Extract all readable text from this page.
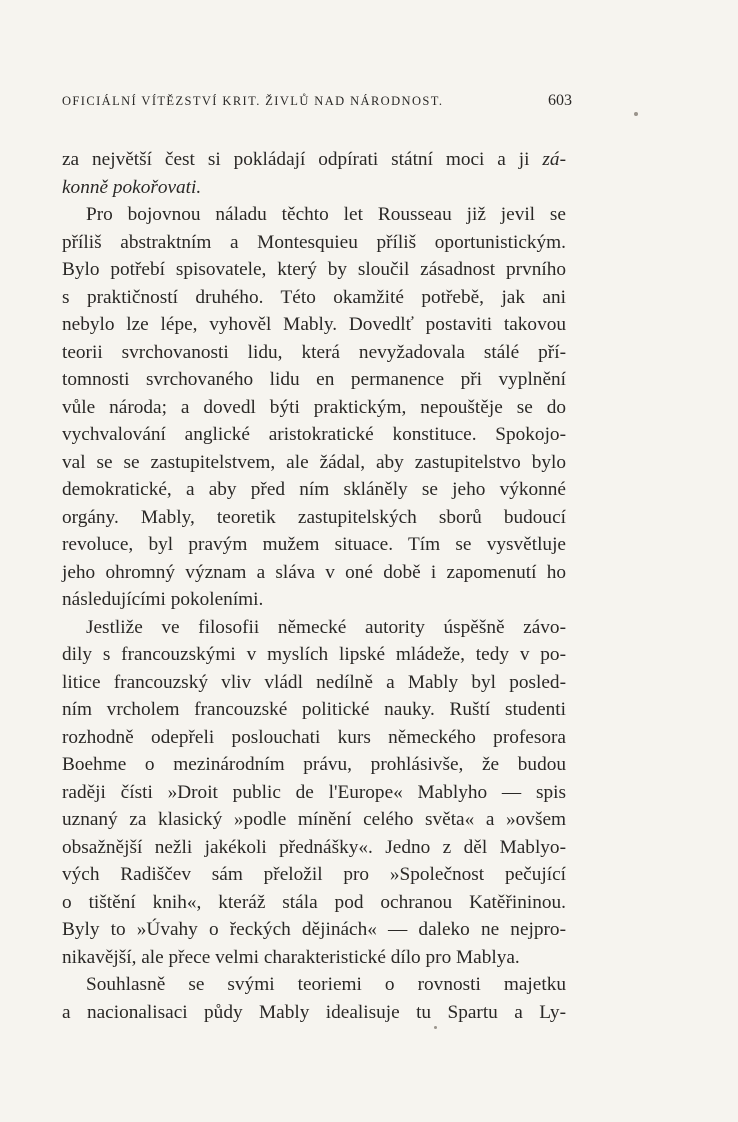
OFICIÁLNÍ VÍTĚZSTVÍ KRIT. ŽIVLŮ NAD NÁRODNOST.	603
za největší čest si pokládají odpírati státní moci a ji zá-
konně pokořovati.
Pro bojovnou náladu těchto let Rousseau již jevil se
příliš abstraktním a Montesquieu příliš oportunistickým.
Bylo potřebí spisovatele, který by sloučil zásadnost prvního
s praktičností druhého. Této okamžité potřebě, jak ani
nebylo lze lépe, vyhověl Mably. Dovedlť postaviti takovou
teorii svrchovanosti lidu, která nevyžadovala stálé pří-
tomnosti svrchovaného lidu en permanence při vyplnění
vůle národa; a dovedl býti praktickým, nepouštěje se do
vychvalování anglické aristokratické konstituce. Spokojo-
val se se zastupitelstvem, ale žádal, aby zastupitelstvo bylo
demokratické, a aby před ním skláněly se jeho výkonné
orgány. Mably, teoretik zastupitelských sborů budoucí
revoluce, byl pravým mužem situace. Tím se vysvětluje
jeho ohromný význam a sláva v oné době i zapomenutí ho
následujícími pokoleními.
Jestliže ve filosofii německé autority úspěšně závo-
dily s francouzskými v myslích lipské mládeže, tedy v po-
litice francouzský vliv vládl nedílně a Mably byl posled-
ním vrcholem francouzské politické nauky. Ruští studenti
rozhodně odepřeli poslouchati kurs německého profesora
Boehme o mezinárodním právu, prohlásivše, že budou
raději čísti »Droit public de l'Europe« Mablyho — spis
uznaný za klasický »podle mínění celého světa« a »ovšem
obsažnější nežli jakékoli přednášky«. Jedno z děl Mablyo-
vých Radiščev sám přeložil pro »Společnost pečující
o tištění knih«, kteráž stála pod ochranou Katěřininou.
Byly to »Úvahy o řeckých dějinách« — daleko ne nejpro-
nikavější, ale přece velmi charakteristické dílo pro Mablya.
Souhlasně se svými teoriemi o rovnosti majetku
a nacionalisaci půdy Mably idealisuje tu Spartu a Ly-
